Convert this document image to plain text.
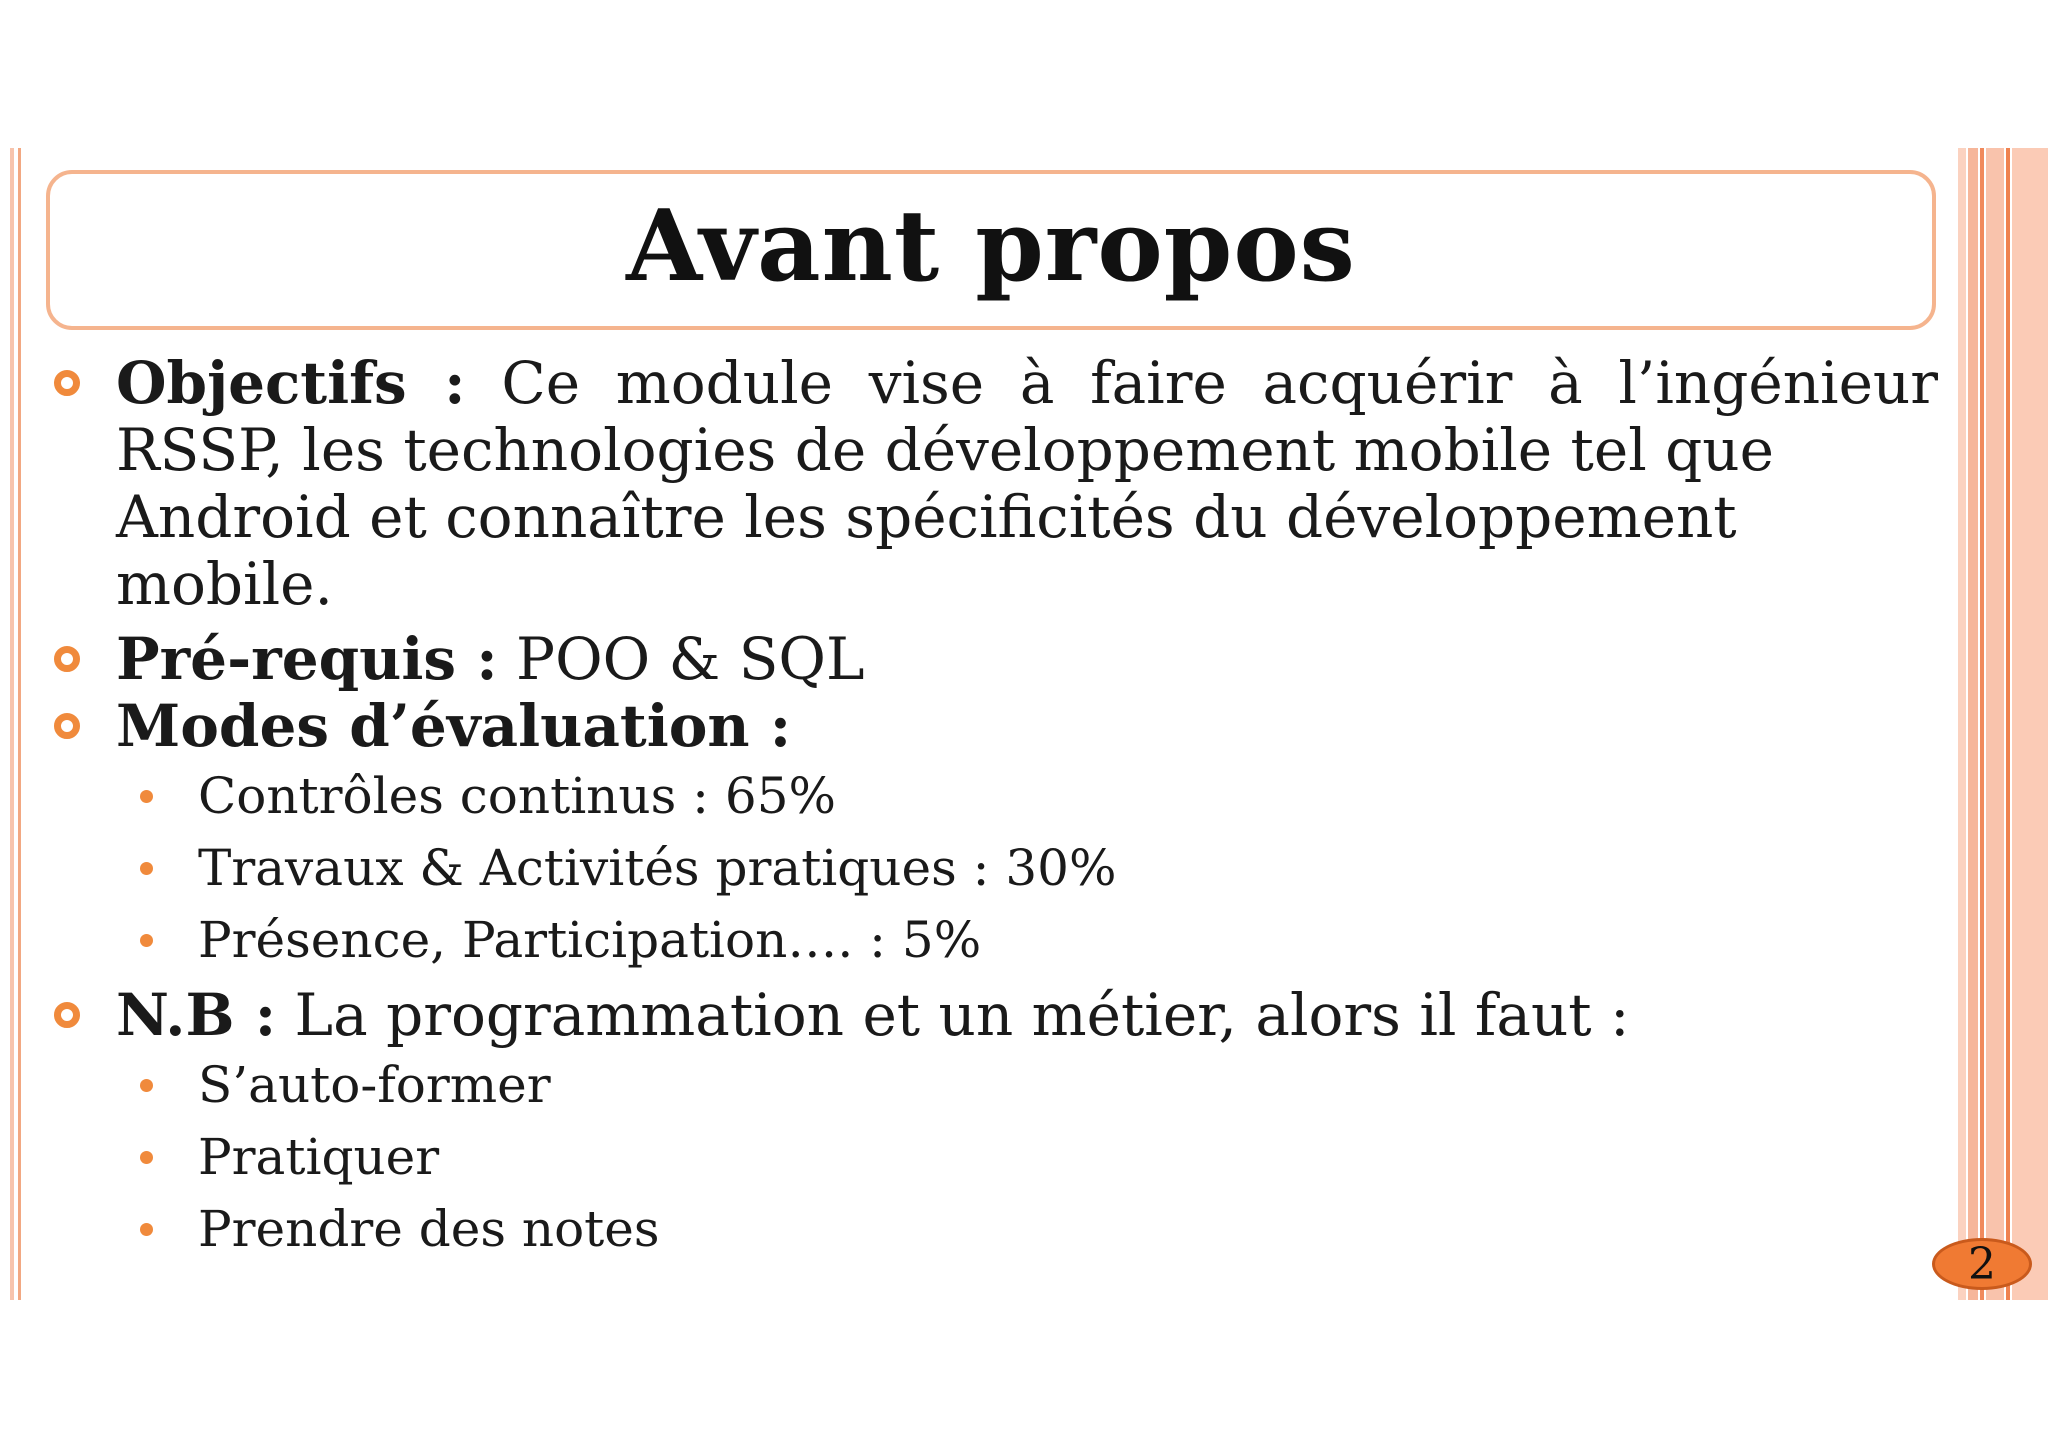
Avant propos
Objectifs : Ce module vise à faire acquérir à l’ingénieur RSSP, les technologies de développement mobile tel que
Android et connaître les spécificités du développement mobile.
Pré-requis : POO & SQL
Modes d’évaluation :
Contrôles continus : 65%
Travaux & Activités pratiques : 30%
Présence, Participation…. : 5%
N.B : La programmation et un métier, alors il faut :
S’auto-former
Pratiquer
Prendre des notes
2
